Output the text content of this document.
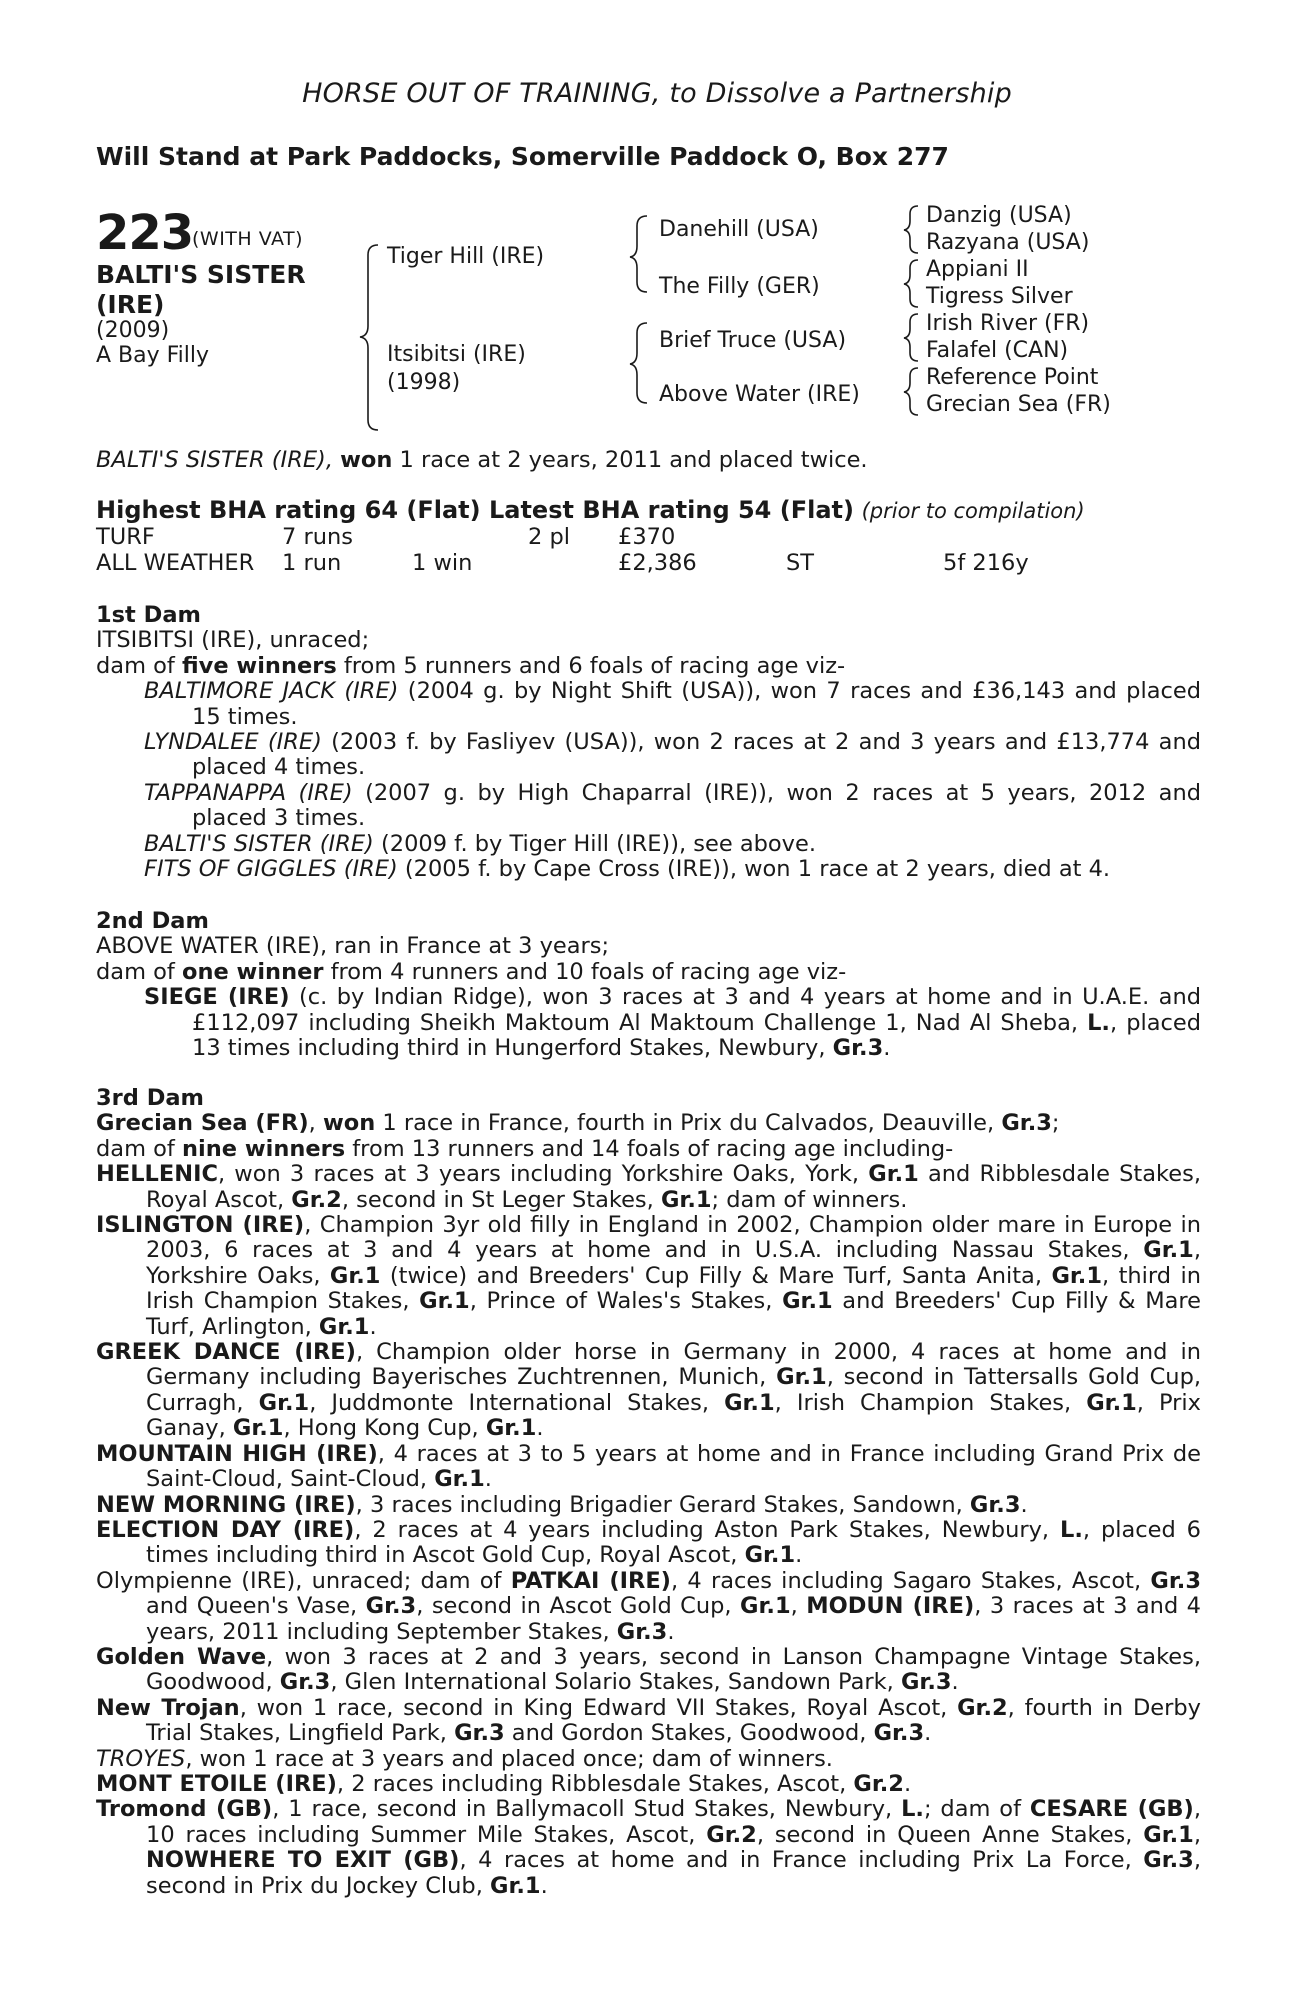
HORSE OUT OF TRAINING, to Dissolve a Partnership
Will Stand at Park Paddocks, Somerville Paddock O, Box 277
223
(WITH VAT)
BALTI'S SISTER (IRE)
(2009)
A Bay Filly
Tiger Hill (IRE)
Itsibitsi (IRE)
(1998)
Danehill (USA)
The Filly (GER)
Brief Truce (USA)
Above Water (IRE)
Danzig (USA)
Razyana (USA)
Appiani II
Tigress Silver
Irish River (FR)
Falafel (CAN)
Reference Point
Grecian Sea (FR)

BALTI'S SISTER (IRE), won 1 race at 2 years, 2011 and placed twice.

Highest BHA rating 64 (Flat) Latest BHA rating 54 (Flat) (prior to compilation)

TURF	7 runs	2 pl £370
ALL WEATHER 1 run	1 win	£2,386	ST	5f 216y

1st Dam

ITSIBITSI (IRE), unraced;

dam of five winners from 5 runners and 6 foals of racing age viz-

BALTIMORE JACK (IRE) (2004 g. by Night Shift (USA)), won 7 races and £36,143 and placed 15 times.

LYNDALEE (IRE) (2003 f. by Fasliyev (USA)), won 2 races at 2 and 3 years and £13,774 and placed 4 times.

TAPPANAPPA (IRE) (2007 g. by High Chaparral (IRE)), won 2 races at 5 years, 2012 and placed 3 times.

BALTI'S SISTER (IRE) (2009 f. by Tiger Hill (IRE)), see above.

FITS OF GIGGLES (IRE) (2005 f. by Cape Cross (IRE)), won 1 race at 2 years, died at 4.

2nd Dam

ABOVE WATER (IRE), ran in France at 3 years;

dam of one winner from 4 runners and 10 foals of racing age viz-

SIEGE (IRE) (c. by Indian Ridge), won 3 races at 3 and 4 years at home and in U.A.E. and £112,097 including Sheikh Maktoum Al Maktoum Challenge 1, Nad Al Sheba, L., placed 13 times including third in Hungerford Stakes, Newbury, Gr.3.

3rd Dam

Grecian Sea (FR), won 1 race in France, fourth in Prix du Calvados, Deauville, Gr.3;

dam of nine winners from 13 runners and 14 foals of racing age including-

HELLENIC, won 3 races at 3 years including Yorkshire Oaks, York, Gr.1 and Ribblesdale Stakes, Royal Ascot, Gr.2, second in St Leger Stakes, Gr.1; dam of winners.

ISLINGTON (IRE), Champion 3yr old filly in England in 2002, Champion older mare in Europe in 2003, 6 races at 3 and 4 years at home and in U.S.A. including Nassau Stakes, Gr.1, Yorkshire Oaks, Gr.1 (twice) and Breeders' Cup Filly & Mare Turf, Santa Anita, Gr.1, third in Irish Champion Stakes, Gr.1, Prince of Wales's Stakes, Gr.1 and Breeders' Cup Filly & Mare Turf, Arlington, Gr.1.

GREEK DANCE (IRE), Champion older horse in Germany in 2000, 4 races at home and in Germany including Bayerisches Zuchtrennen, Munich, Gr.1, second in Tattersalls Gold Cup, Curragh, Gr.1, Juddmonte International Stakes, Gr.1, Irish Champion Stakes, Gr.1, Prix Ganay, Gr.1, Hong Kong Cup, Gr.1.

MOUNTAIN HIGH (IRE), 4 races at 3 to 5 years at home and in France including Grand Prix de Saint-Cloud, Saint-Cloud, Gr.1.

NEW MORNING (IRE), 3 races including Brigadier Gerard Stakes, Sandown, Gr.3.

ELECTION DAY (IRE), 2 races at 4 years including Aston Park Stakes, Newbury, L., placed 6 times including third in Ascot Gold Cup, Royal Ascot, Gr.1.

Olympienne (IRE), unraced; dam of PATKAI (IRE), 4 races including Sagaro Stakes, Ascot, Gr.3 and Queen's Vase, Gr.3, second in Ascot Gold Cup, Gr.1, MODUN (IRE), 3 races at 3 and 4 years, 2011 including September Stakes, Gr.3.

Golden Wave, won 3 races at 2 and 3 years, second in Lanson Champagne Vintage Stakes, Goodwood, Gr.3, Glen International Solario Stakes, Sandown Park, Gr.3.

New Trojan, won 1 race, second in King Edward VII Stakes, Royal Ascot, Gr.2, fourth in Derby Trial Stakes, Lingfield Park, Gr.3 and Gordon Stakes, Goodwood, Gr.3.

TROYES, won 1 race at 3 years and placed once; dam of winners.

MONT ETOILE (IRE), 2 races including Ribblesdale Stakes, Ascot, Gr.2.

Tromond (GB), 1 race, second in Ballymacoll Stud Stakes, Newbury, L.; dam of CESARE (GB), 10 races including Summer Mile Stakes, Ascot, Gr.2, second in Queen Anne Stakes, Gr.1, NOWHERE TO EXIT (GB), 4 races at home and in France including Prix La Force, Gr.3, second in Prix du Jockey Club, Gr.1.
